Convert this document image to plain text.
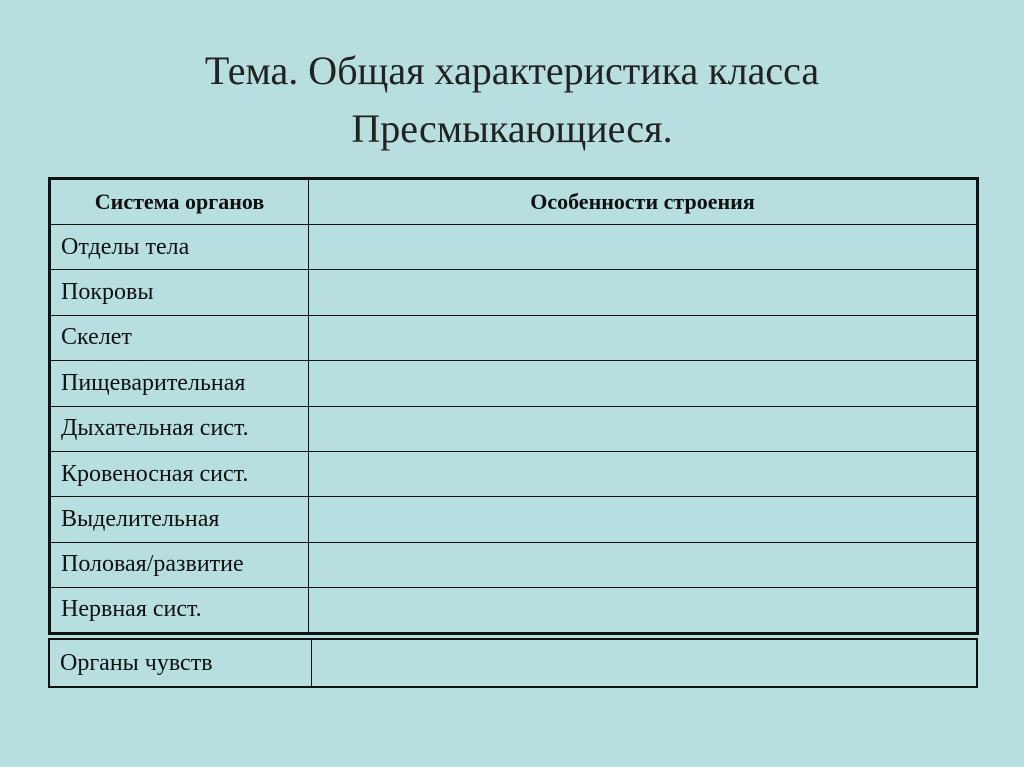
Тема. Общая характеристика класса
Пресмыкающиеся.
Система органов	Особенности строения
Отделы тела	
Покровы	
Скелет	
Пищеварительная	
Дыхательная сист.	
Кровеносная сист.	
Выделительная	
Половая/развитие	
Нервная сист.	
Органы чувств	
